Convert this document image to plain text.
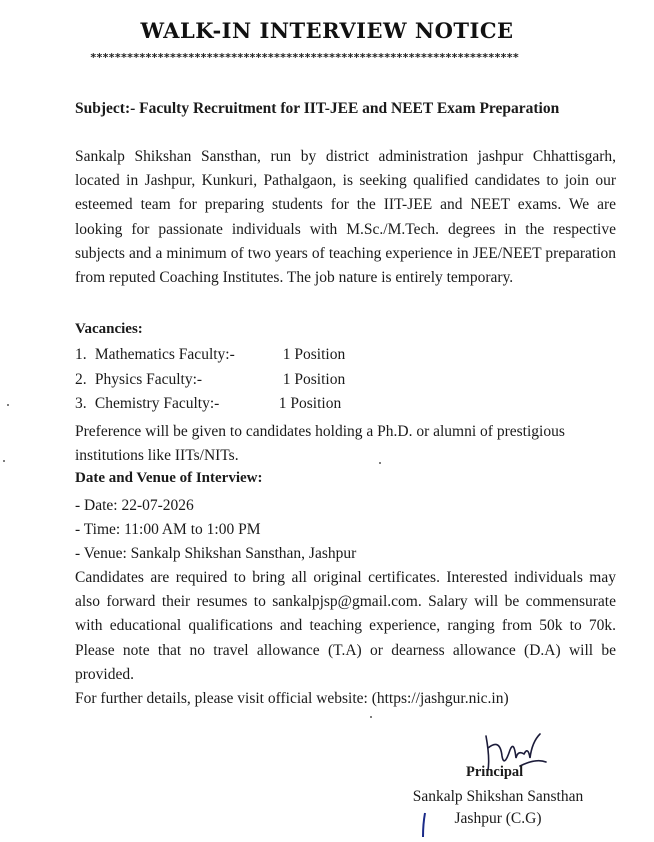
WALK-IN INTERVIEW NOTICE
**********************************************************************
Subject:- Faculty Recruitment for IIT-JEE and NEET Exam Preparation
Sankalp Shikshan Sansthan, run by district administration jashpur Chhattisgarh, located in Jashpur, Kunkuri, Pathalgaon, is seeking qualified candidates to join our esteemed team for preparing students for the IIT-JEE and NEET exams. We are looking for passionate individuals with M.Sc./M.Tech. degrees in the respective subjects and a minimum of two years of teaching experience in JEE/NEET preparation from reputed Coaching Institutes. The job nature is entirely temporary.
Vacancies:
1. Mathematics Faculty:-	1 Position
2. Physics Faculty:-	1 Position
3. Chemistry Faculty:-	1 Position
Preference will be given to candidates holding a Ph.D. or alumni of prestigious institutions like IITs/NITs.
Date and Venue of Interview:
- Date: 22-07-2026
- Time: 11:00 AM to 1:00 PM
- Venue: Sankalp Shikshan Sansthan, Jashpur
Candidates are required to bring all original certificates. Interested individuals may also forward their resumes to sankalpjsp@gmail.com. Salary will be commensurate with educational qualifications and teaching experience, ranging from 50k to 70k. Please note that no travel allowance (T.A) or dearness allowance (D.A) will be provided.
For further details, please visit official website: (https://jashgur.nic.in)
Principal
Sankalp Shikshan Sansthan
Jashpur (C.G)
